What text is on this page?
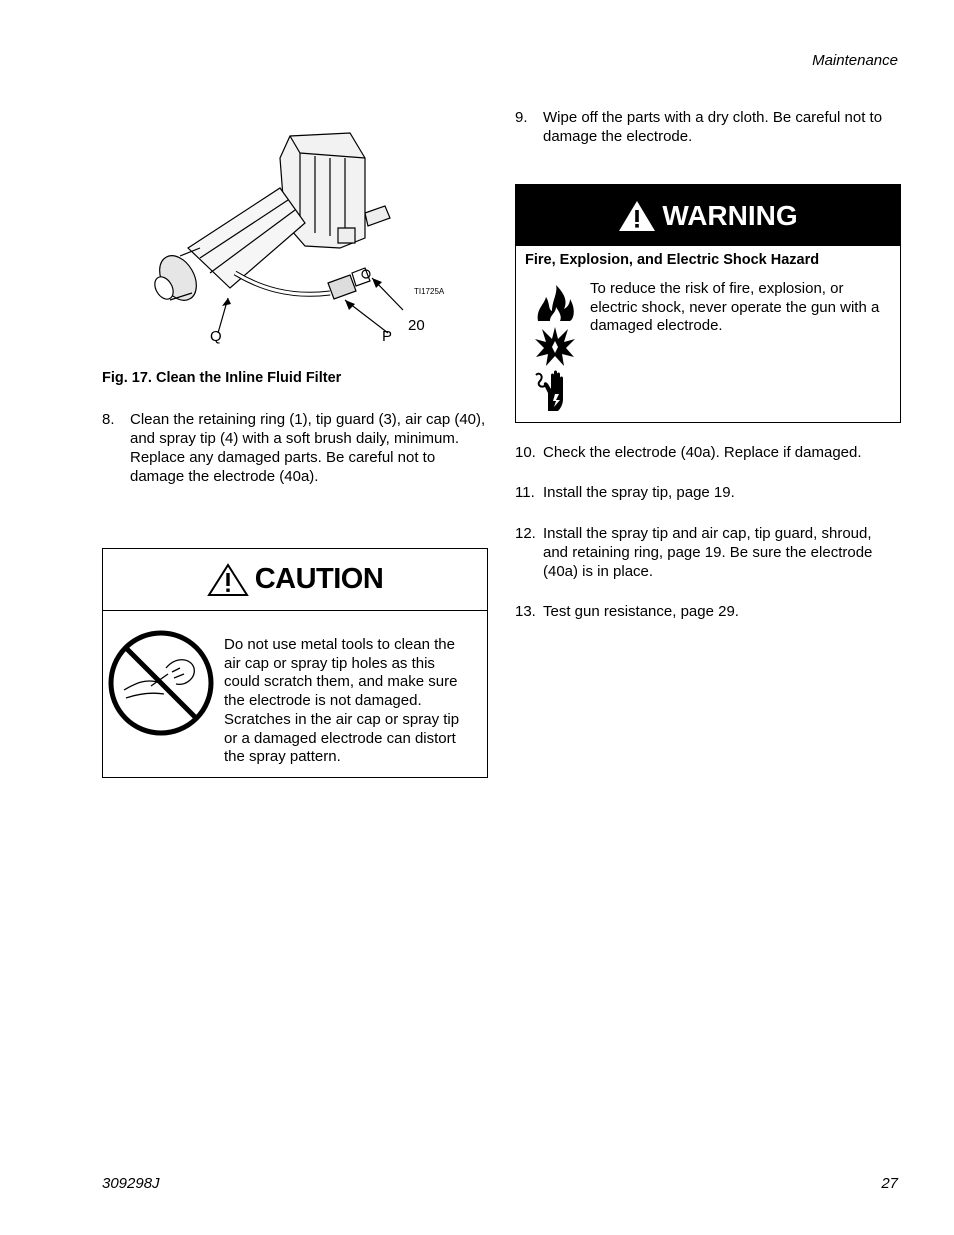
Maintenance
309298J	27
TI1725A
Q	P
20
Fig. 17. Clean the Inline Fluid Filter
8. Clean the retaining ring (1), tip guard (3), air cap (40), and spray tip (4) with a soft brush daily, minimum. Replace any damaged parts. Be careful not to damage the electrode (40a).
CAUTION
Do not use metal tools to clean the air cap or spray tip holes as this could scratch them, and make sure the electrode is not damaged. Scratches in the air cap or spray tip or a damaged electrode can distort the spray pattern.
9. Wipe off the parts with a dry cloth. Be careful not to damage the electrode.
WARNING
Fire, Explosion, and Electric Shock Hazard
To reduce the risk of fire, explosion, or electric shock, never operate the gun with a damaged electrode.
10. Check the electrode (40a). Replace if damaged.
11. Install the spray tip, page 19.
12. Install the spray tip and air cap, tip guard, shroud, and retaining ring, page 19. Be sure the electrode (40a) is in place.
13. Test gun resistance, page 29.
